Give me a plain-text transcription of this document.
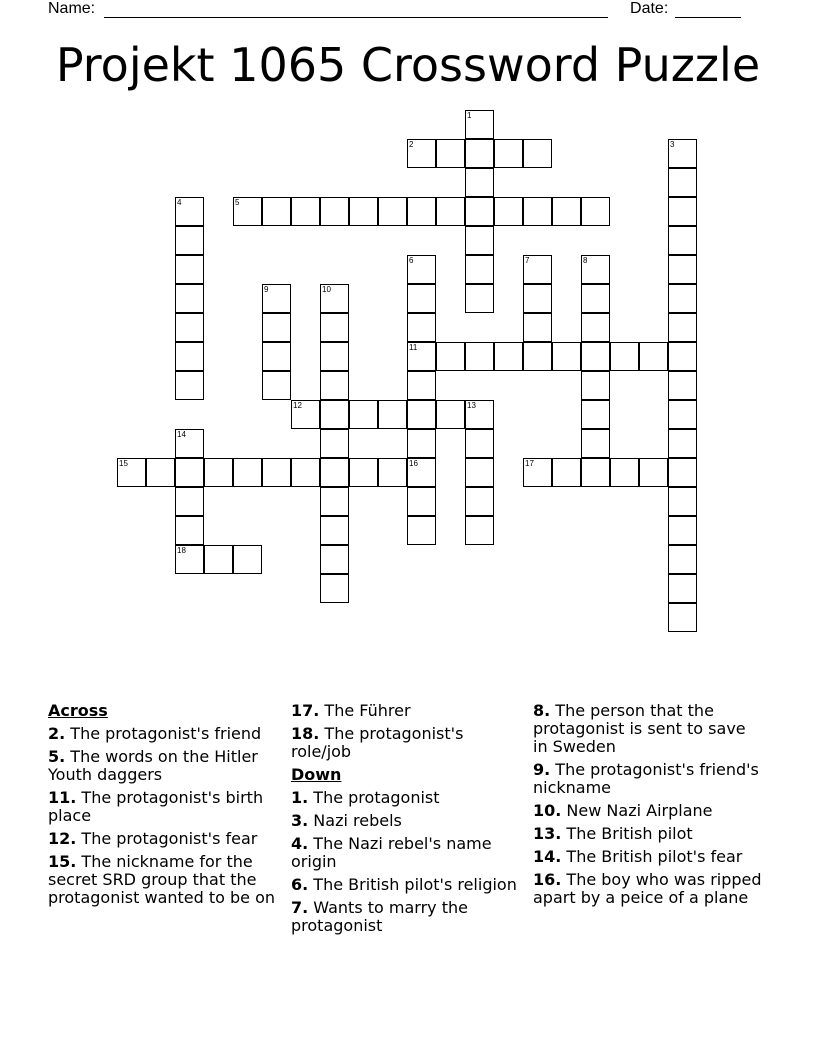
Name:	Date:
Projekt 1065 Crossword Puzzle
1
2	3
4	5
6
11
16
7	8
9	10
12	13
14
18
15	17
Across
2. The protagonist's friend
5. The words on the Hitler Youth daggers
11. The protagonist's birth place
12. The protagonist's fear
15. The nickname for the secret SRD group that the protagonist wanted to be on
17. The Führer
18. The protagonist's role/job
Down
1. The protagonist
3. Nazi rebels
4. The Nazi rebel's name origin
6. The British pilot's religion
7. Wants to marry the protagonist
8. The person that the protagonist is sent to save in Sweden
9. The protagonist's friend's nickname
10. New Nazi Airplane
13. The British pilot
14. The British pilot's fear
16. The boy who was ripped apart by a peice of a plane
